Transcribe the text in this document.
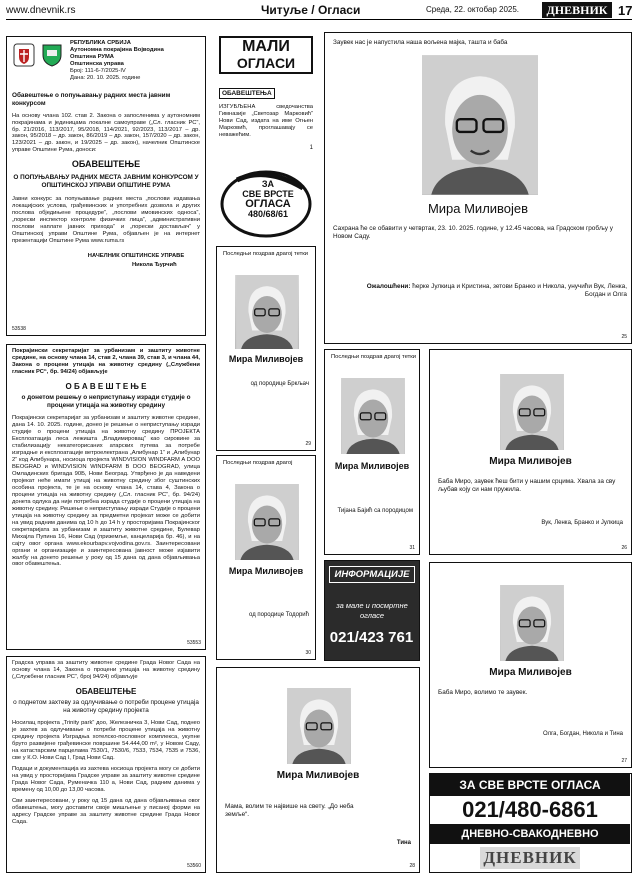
www.dnevnik.rs	Читуље / Огласи	Среда, 22. октобар 2025.	ДНЕВНИК 17
РЕПУБЛИКА СРБИЈА
Аутономна покрајина Војводина
Општина РУМА
Општинска управа
Број: 111-6-7/2025-IV
Дана: 20. 10. 2025. године
Обавештење о попуњавању радних места јавним конкурсом
На основу члана 102. став 2. Закона о запосленима у аутономним покрајинама и јединицама локалне самоуправе („Сл. гласник РС“, бр. 21/2016, 113/2017, 95/2018, 114/2021, 92/2023, 113/2017 – др. закон, 95/2018 – др. закон, 86/2019 – др. закон, 157/2020 – др. закон, 123/2021 – др. закон, и 19/2025 – др. закон), начелник Општинске управе Општине Рума, доноси:
ОБАВЕШТЕЊЕ
О ПОПУЊАВАЊУ РАДНИХ МЕСТА ЈАВНИМ КОНКУРСОМ У ОПШТИНСКОЈ УПРАВИ ОПШТИНЕ РУМА
Јавни конкурс за попуњавање радних места „послови издавања локацијских услова, грађевинских и употребних дозвола и других послова обједињене процедуре“, „послови имовинских односа“, „порески инспектор контроле физичких лица“, „административни послови наплате јавних прихода“ и „порески достављач“ у Општинској управи Општине Рума, објављен је на интернет презентацији Општине Рума www.ruma.rs
НАЧЕЛНИК ОПШТИНСКЕ УПРАВЕ
Никола Ђурчић
53538
МАЛИ
ОГЛАСИ
ОБАВЕШТЕЊА
ИЗГУБЉЕНА сведочанства Гимназије „Светозар Марковић“ Нови Сад, издата на име Огњен Марковић, проглашавају се неважећим.
1
ЗА
СВЕ ВРСТЕ
ОГЛАСА
480/68/61
Заувек нас је напустила наша вољена мајка, ташта и баба
Мира Миливојев
Сахрана ће се обавити у четвртак, 23. 10. 2025. године, у 12.45 часова, на Градском гробљу у Новом Саду.
Ожалошћени: ћерке Јулкица и Кристина, зетови Бранко и Никола, унучићи Вук, Ленка, Богдан и Олга
25
Покрајински секретаријат за урбанизам и заштиту животне средине, на основу члана 14, став 2, члана 39, став 3, и члана 44, Закона о процени утицаја на животну средину („Службени гласник РС“, бр. 94/24) објављује
О Б А В Е Ш Т Е Њ Е
о донетом решењу о неприступању изради студије о процени утицаја на животну средину
Покрајински секретаријат за урбанизам и заштиту животне средине, дана 14. 10. 2025. године, донео је решење о неприступању изради студије о процени утицаја на животну средину ПРОЈЕКТА Експлоатација леса лежишта „Владимировац“ као сировине за стабилизацију некатегорисаних атарских путева за потребе изградње и експлоатације ветроелектрана „Алибунар 1“ и „Алибунар 2“ код Алибунара, носиоца пројекта WINDVISION WINDFARM A DOO BEOGRAD и WINDVISION WINDFARM B DOO BEOGRAD, улица Омладинских бригада 90Б, Нови Београд. Утврђено је да наведени пројекат неће имати утицај на животну средину због суштинских особина пројекта, те је на основу члана 14, става 4, Закона о процени утицаја на животну средину („Сл. гласник РС“, бр. 94/24) донета одлука да није потребна израда студије о процени утицаја на животну средину. Решење о неприступању изради Студије о процени утицаја на животну средину за предметни пројекат може се добити на увид радним данима од 10 h до 14 h у просторијама Покрајинског секретаријата за урбанизам и заштиту животне средине, Булевар Михајла Пупина 16, Нови Сад (приземље, канцеларија бр. 46), и на сајту овог органа www.ekourbapv.vojvodina.gov.rs. Заинтересовани органи и организације и заинтересована јавност може изјавити жалбу на донето решење у року од 15 дана од дана објављивања овог обавештења.
53553
Градска управа за заштиту животне средине Града Новог Сада на основу члана 14, Закона о процени утицаја на животну средину („Службени гласник РС“, број 94/24) објављује
ОБАВЕШТЕЊЕ
о поднетом захтеву за одлучивање о потреби процене утицаја на животну средину пројекта
Носилац пројекта „Trinity park“ доо, Железничка 3, Нови Сад, поднео је захтев за одлучивање о потреби процене утицаја на животну средину пројекта Изградња хотелско-пословног комплекса, укупне бруто развијене грађевинске површине 54.444,00 m², у Новом Саду, на катастарским парцелама 7530/1, 7530/6, 7533, 7534, 7535 и 7536, све у К.О. Нови Сад I, Град Нови Сад.
Подаци и документација из захтева носиоца пројекта могу се добити на увид у просторијама Градске управе за заштиту животне средине Града Новог Сада, Руменачка 110 а, Нови Сад, радним данима у времену од 10,00 до 13,00 часова.
Сви заинтересовани, у року од 15 дана од дана објављивања овог обавештења, могу доставити своје мишљење у писаној форми на адресу Градске управе за заштиту животне средине Града Новог Сада.
53560
Последњи поздрав драгој тетки
Мира Миливојев
од породице Бркљач
29
Последњи поздрав драгој
Мира Миливојев
од породице Тодорић
30
Последњи поздрав драгој тетки
Мира Миливојев
Тијана Бајић са породицом
31
ИНФОРМАЦИЈЕ
за мале и посмртне огласе
021/423 761
Мира Миливојев
Бабa Миро, заувек ћеш бити у нашим срцима. Хвала за сву љубав коју си нам пружила.
Вук, Ленка, Бранко и Јулкица
26
Мира Миливојев
Бабa Миро, волимо те заувек.
Олга, Богдан, Никола и Тина
27
Мира Миливојев
Мама, волим те највише на свету. „До неба земље“.
Тина
28
ЗА СВЕ ВРСТЕ ОГЛАСА
021/480-6861
ДНЕВНО-СВАКОДНЕВНО
ДНЕВНИК
